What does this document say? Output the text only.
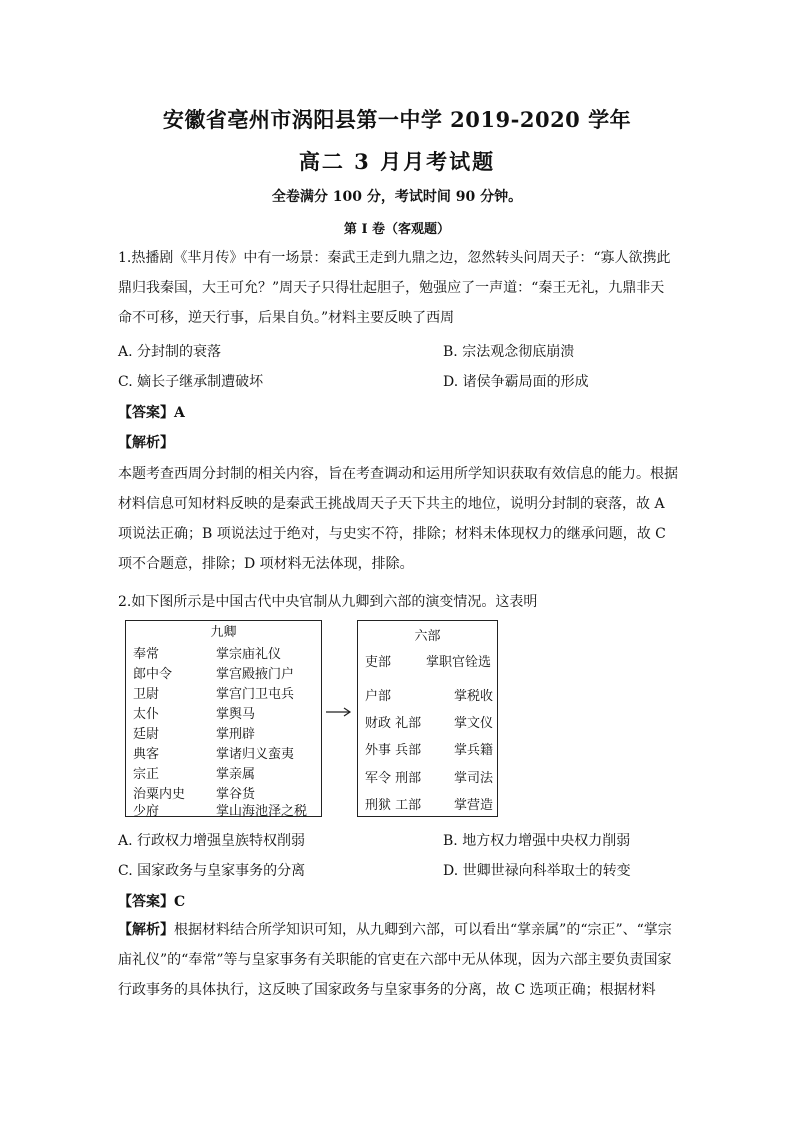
安徽省亳州市涡阳县第一中学 2019-2020 学年
高二 3 月月考试题
全卷满分 100 分，考试时间 90 分钟。
第 I 卷（客观题）

1.热播剧《芈月传》中有一场景：秦武王走到九鼎之边，忽然转头问周天子：“寡人欲携此鼎归我秦国，大王可允？”周天子只得壮起胆子，勉强应了一声道：“秦王无礼，九鼎非天命不可移，逆天行事，后果自负。”材料主要反映了西周

A. 分封制的衰落	B. 宗法观念彻底崩溃
C. 嫡长子继承制遭破坏	D. 诸侯争霸局面的形成
【答案】A
【解析】

本题考查西周分封制的相关内容，旨在考查调动和运用所学知识获取有效信息的能力。根据材料信息可知材料反映的是秦武王挑战周天子天下共主的地位，说明分封制的衰落，故 A 项说法正确；B 项说法过于绝对，与史实不符，排除；材料未体现权力的继承问题，故 C 项不合题意，排除；D 项材料无法体现，排除。

2.如下图所示是中国古代中央官制从九卿到六部的演变情况。这表明
九卿
奉常	掌宗庙礼仪
郎中令	掌宫殿掖门户
卫尉	掌宫门卫屯兵
太仆	掌舆马
廷尉	掌刑辟
典客	掌诸归义蛮夷
宗正	掌亲属
治粟内史 掌谷货
少府	掌山海池泽之税
六部
吏部	掌职官铨选
户部	掌税收
财政 礼部	掌文仪
外事 兵部	掌兵籍
军令 刑部	掌司法
刑狱 工部	掌营造
A. 行政权力增强皇族特权削弱	B. 地方权力增强中央权力削弱
C. 国家政务与皇家事务的分离	D. 世卿世禄向科举取士的转变
【答案】C

【解析】根据材料结合所学知识可知，从九卿到六部，可以看出“掌亲属”的“宗正”、“掌宗庙礼仪”的“奉常”等与皇家事务有关职能的官吏在六部中无从体现，因为六部主要负责国家行政事务的具体执行，这反映了国家政务与皇家事务的分离，故 C 选项正确；根据材料
